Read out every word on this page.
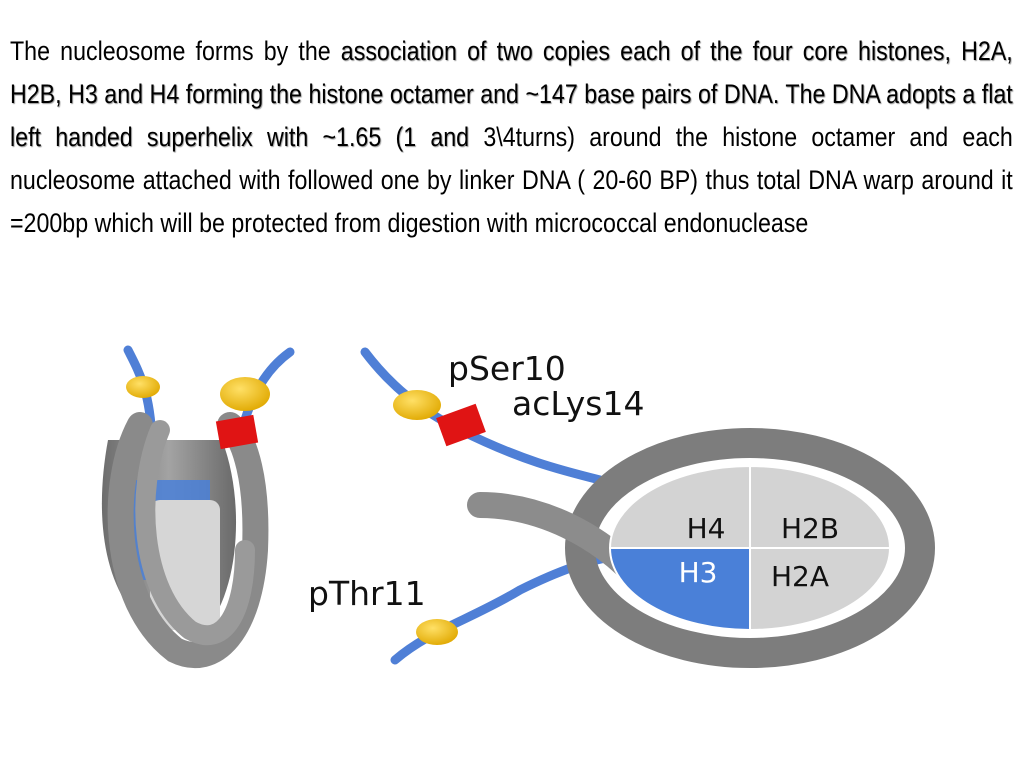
The nucleosome forms by the association of two copies each of the four core histones, H2A, H2B, H3 and H4 forming the histone octamer and ~147 base pairs of DNA. The DNA adopts a flat left handed superhelix with ~1.65 (1 and 3\4turns) around the histone octamer and each nucleosome attached with followed one by linker DNA ( 20-60 BP) thus total DNA warp around it =200bp which will be protected from digestion with micrococcal endonuclease

H4 H2B
H3 H2A
pSer10
acLys14
pThr11
